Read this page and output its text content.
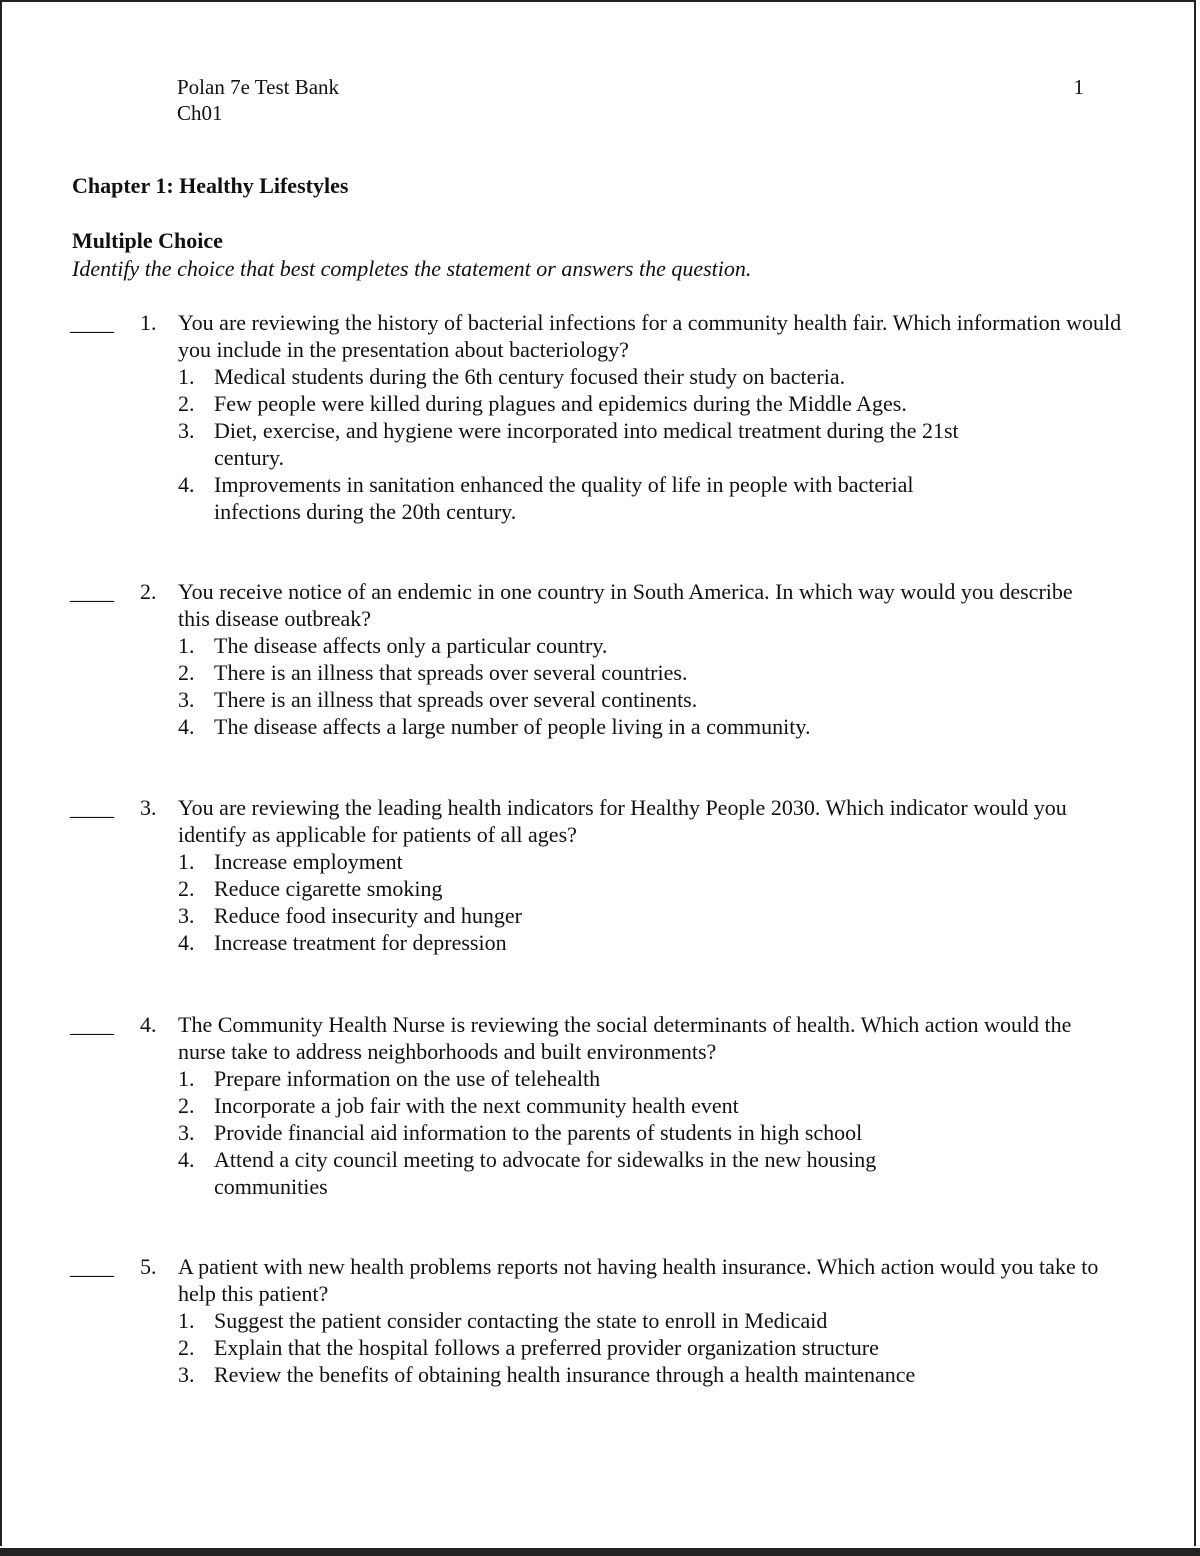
Polan 7e Test Bank
Ch01
1
Chapter 1: Healthy Lifestyles
Multiple Choice
Identify the choice that best completes the statement or answers the question.
____ 1. You are reviewing the history of bacterial infections for a community health fair. Which information would you include in the presentation about bacteriology?
1. Medical students during the 6th century focused their study on bacteria.
2. Few people were killed during plagues and epidemics during the Middle Ages.
3. Diet, exercise, and hygiene were incorporated into medical treatment during the 21st century.
4. Improvements in sanitation enhanced the quality of life in people with bacterial infections during the 20th century.
____ 2. You receive notice of an endemic in one country in South America. In which way would you describe this disease outbreak?
1. The disease affects only a particular country.
2. There is an illness that spreads over several countries.
3. There is an illness that spreads over several continents.
4. The disease affects a large number of people living in a community.
____ 3. You are reviewing the leading health indicators for Healthy People 2030. Which indicator would you identify as applicable for patients of all ages?
1. Increase employment
2. Reduce cigarette smoking
3. Reduce food insecurity and hunger
4. Increase treatment for depression
____ 4. The Community Health Nurse is reviewing the social determinants of health. Which action would the nurse take to address neighborhoods and built environments?
1. Prepare information on the use of telehealth
2. Incorporate a job fair with the next community health event
3. Provide financial aid information to the parents of students in high school
4. Attend a city council meeting to advocate for sidewalks in the new housing communities
____ 5. A patient with new health problems reports not having health insurance. Which action would you take to help this patient?
1. Suggest the patient consider contacting the state to enroll in Medicaid
2. Explain that the hospital follows a preferred provider organization structure
3. Review the benefits of obtaining health insurance through a health maintenance
